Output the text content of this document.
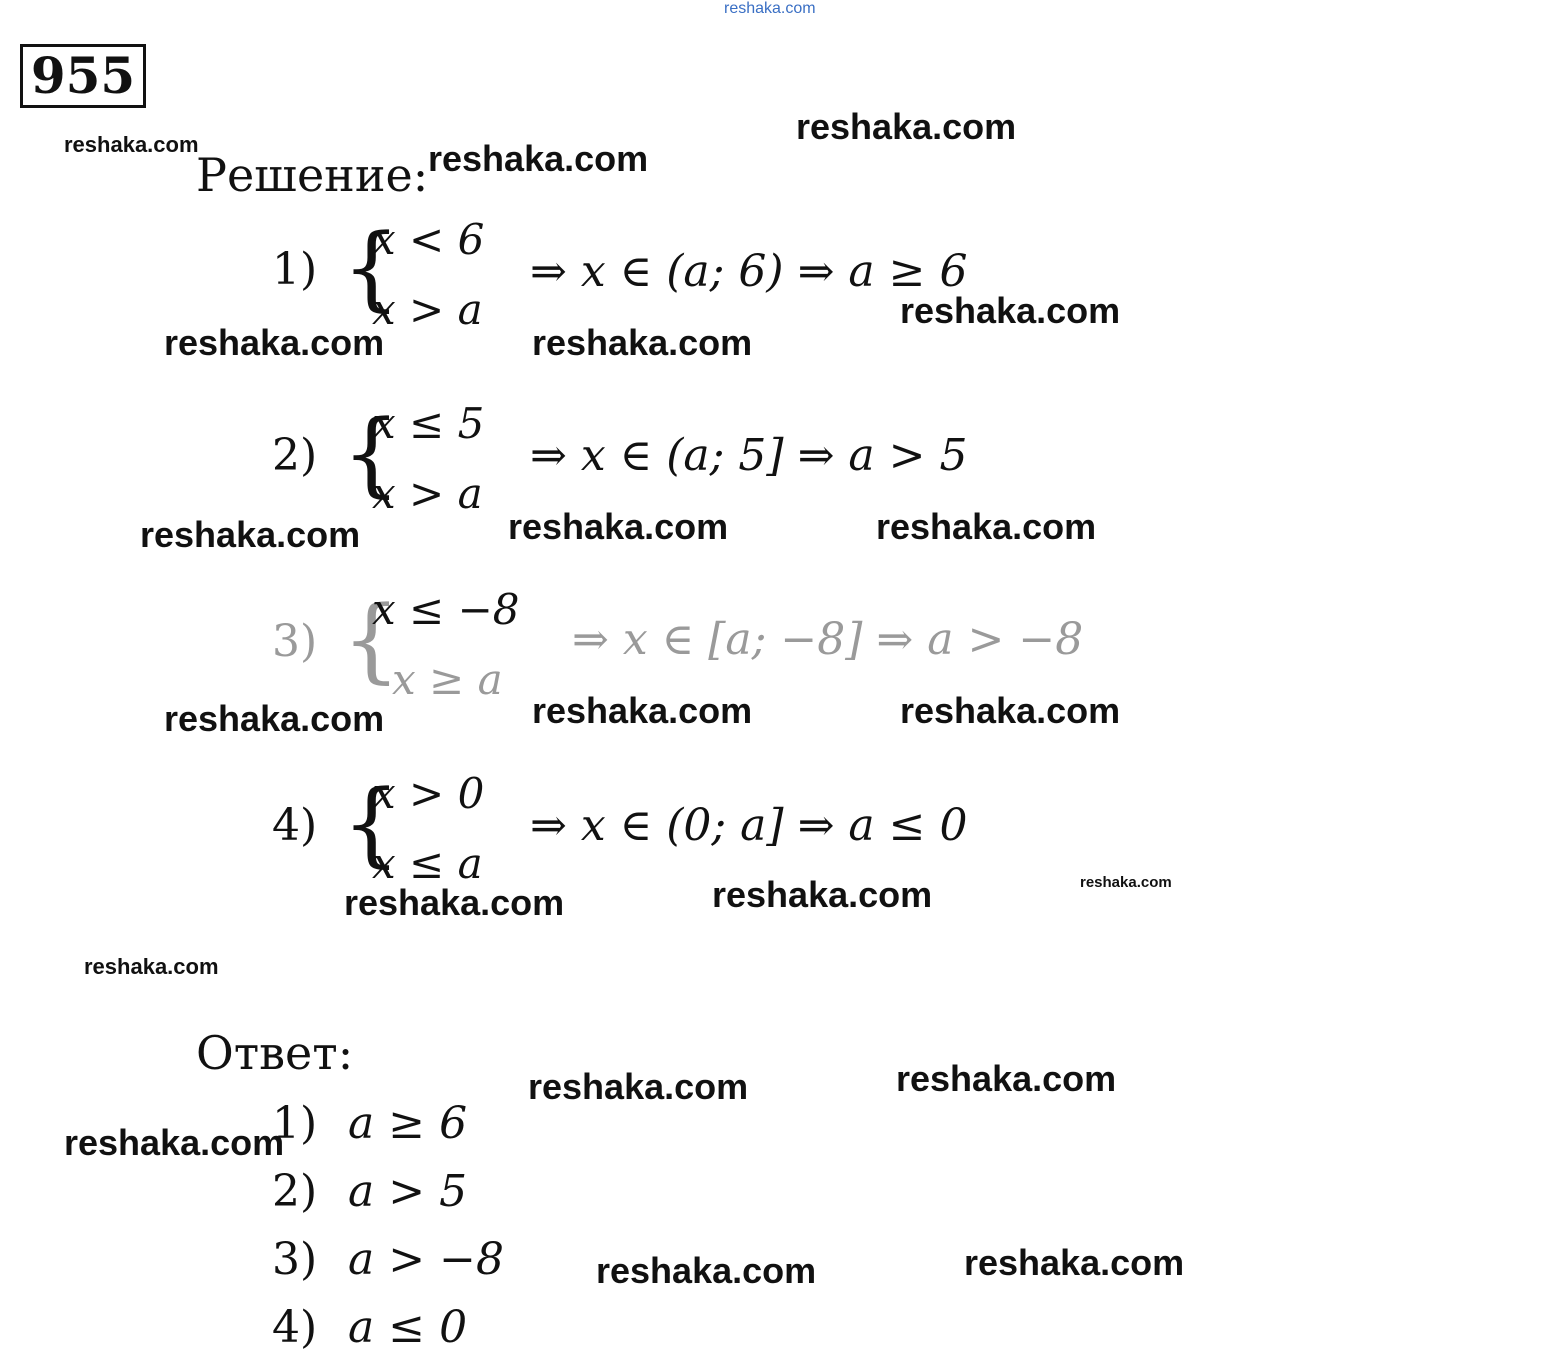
reshaka.com
955
Решение:
1) {
x < 6
x > a
⇒ x ∈ (a; 6) ⇒ a ≥ 6
2) {
x ≤ 5
x > a
⇒ x ∈ (a; 5] ⇒ a > 5
3) {
x ≤ −8
x ≥ a
⇒ x ∈ [a; −8] ⇒ a > −8
4) {
x > 0
x ≤ a
⇒ x ∈ (0; a] ⇒ a ≤ 0
Ответ:
1) a ≥ 6
2) a > 5
3) a > −8
4) a ≤ 0
reshaka.com	reshaka.com
reshaka.com
reshaka.com
reshaka.com	reshaka.com
reshaka.com	reshaka.com	reshaka.com
reshaka.com	reshaka.com	reshaka.com
reshaka.com	reshaka.com	reshaka.com
reshaka.com
reshaka.com	reshaka.com
reshaka.com
reshaka.com	reshaka.com
